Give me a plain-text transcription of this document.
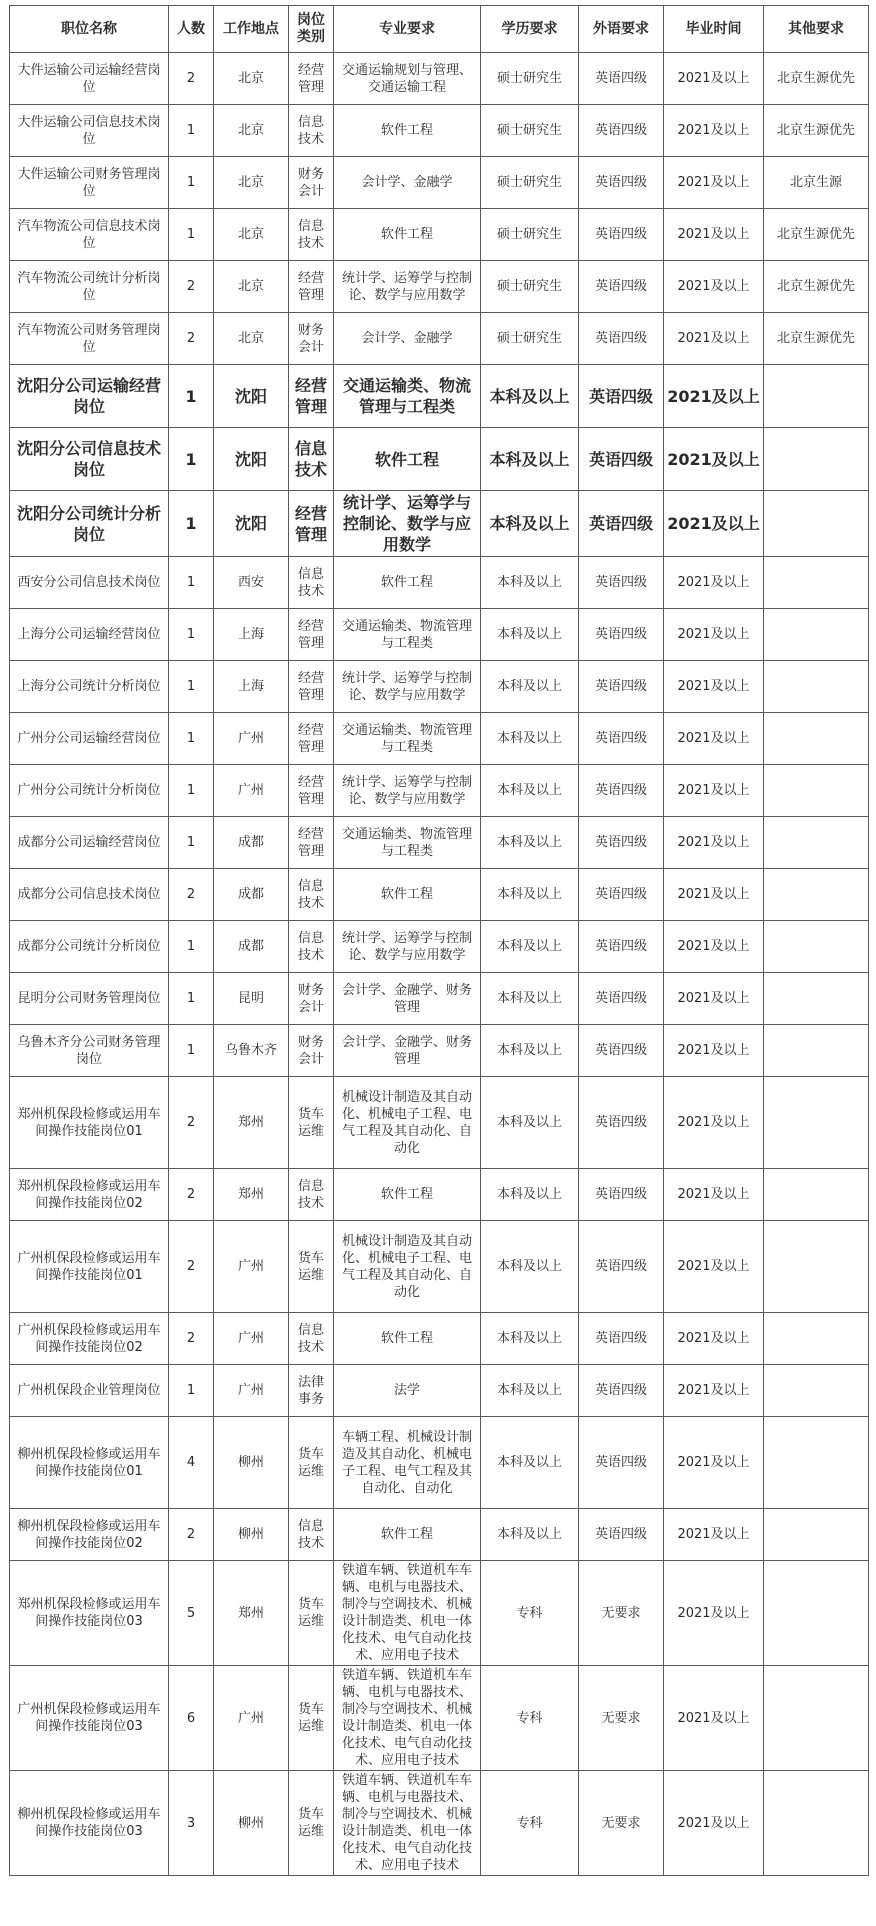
职位名称	人数	工作地点	岗位类别	专业要求	学历要求	外语要求	毕业时间	其他要求
大件运输公司运输经营岗位	2	北京	经营管理	交通运输规划与管理、交通运输工程	硕士研究生	英语四级	2021及以上	北京生源优先
大件运输公司信息技术岗位	1	北京	信息技术	软件工程	硕士研究生	英语四级	2021及以上	北京生源优先
大件运输公司财务管理岗位	1	北京	财务会计	会计学、金融学	硕士研究生	英语四级	2021及以上	北京生源
汽车物流公司信息技术岗位	1	北京	信息技术	软件工程	硕士研究生	英语四级	2021及以上	北京生源优先
汽车物流公司统计分析岗位	2	北京	经营管理	统计学、运筹学与控制论、数学与应用数学	硕士研究生	英语四级	2021及以上	北京生源优先
汽车物流公司财务管理岗位	2	北京	财务会计	会计学、金融学	硕士研究生	英语四级	2021及以上	北京生源优先
沈阳分公司运输经营岗位	1	沈阳	经营管理	交通运输类、物流管理与工程类	本科及以上	英语四级	2021及以上	
沈阳分公司信息技术岗位	1	沈阳	信息技术	软件工程	本科及以上	英语四级	2021及以上	
沈阳分公司统计分析岗位	1	沈阳	经营管理	统计学、运筹学与控制论、数学与应用数学	本科及以上	英语四级	2021及以上	
西安分公司信息技术岗位	1	西安	信息技术	软件工程	本科及以上	英语四级	2021及以上	
上海分公司运输经营岗位	1	上海	经营管理	交通运输类、物流管理与工程类	本科及以上	英语四级	2021及以上	
上海分公司统计分析岗位	1	上海	经营管理	统计学、运筹学与控制论、数学与应用数学	本科及以上	英语四级	2021及以上	
广州分公司运输经营岗位	1	广州	经营管理	交通运输类、物流管理与工程类	本科及以上	英语四级	2021及以上	
广州分公司统计分析岗位	1	广州	经营管理	统计学、运筹学与控制论、数学与应用数学	本科及以上	英语四级	2021及以上	
成都分公司运输经营岗位	1	成都	经营管理	交通运输类、物流管理与工程类	本科及以上	英语四级	2021及以上	
成都分公司信息技术岗位	2	成都	信息技术	软件工程	本科及以上	英语四级	2021及以上	
成都分公司统计分析岗位	1	成都	信息技术	统计学、运筹学与控制论、数学与应用数学	本科及以上	英语四级	2021及以上	
昆明分公司财务管理岗位	1	昆明	财务会计	会计学、金融学、财务管理	本科及以上	英语四级	2021及以上	
乌鲁木齐分公司财务管理岗位	1	乌鲁木齐	财务会计	会计学、金融学、财务管理	本科及以上	英语四级	2021及以上	
郑州机保段检修或运用车间操作技能岗位01	2	郑州	货车运维	机械设计制造及其自动化、机械电子工程、电气工程及其自动化、自动化	本科及以上	英语四级	2021及以上	
郑州机保段检修或运用车间操作技能岗位02	2	郑州	信息技术	软件工程	本科及以上	英语四级	2021及以上	
广州机保段检修或运用车间操作技能岗位01	2	广州	货车运维	机械设计制造及其自动化、机械电子工程、电气工程及其自动化、自动化	本科及以上	英语四级	2021及以上	
广州机保段检修或运用车间操作技能岗位02	2	广州	信息技术	软件工程	本科及以上	英语四级	2021及以上	
广州机保段企业管理岗位	1	广州	法律事务	法学	本科及以上	英语四级	2021及以上	
柳州机保段检修或运用车间操作技能岗位01	4	柳州	货车运维	车辆工程、机械设计制造及其自动化、机械电子工程、电气工程及其自动化、自动化	本科及以上	英语四级	2021及以上	
柳州机保段检修或运用车间操作技能岗位02	2	柳州	信息技术	软件工程	本科及以上	英语四级	2021及以上	
郑州机保段检修或运用车间操作技能岗位03	5	郑州	货车运维	铁道车辆、铁道机车车辆、电机与电器技术、制冷与空调技术、机械设计制造类、机电一体化技术、电气自动化技术、应用电子技术	专科	无要求	2021及以上	
广州机保段检修或运用车间操作技能岗位03	6	广州	货车运维	铁道车辆、铁道机车车辆、电机与电器技术、制冷与空调技术、机械设计制造类、机电一体化技术、电气自动化技术、应用电子技术	专科	无要求	2021及以上	
柳州机保段检修或运用车间操作技能岗位03	3	柳州	货车运维	铁道车辆、铁道机车车辆、电机与电器技术、制冷与空调技术、机械设计制造类、机电一体化技术、电气自动化技术、应用电子技术	专科	无要求	2021及以上	
